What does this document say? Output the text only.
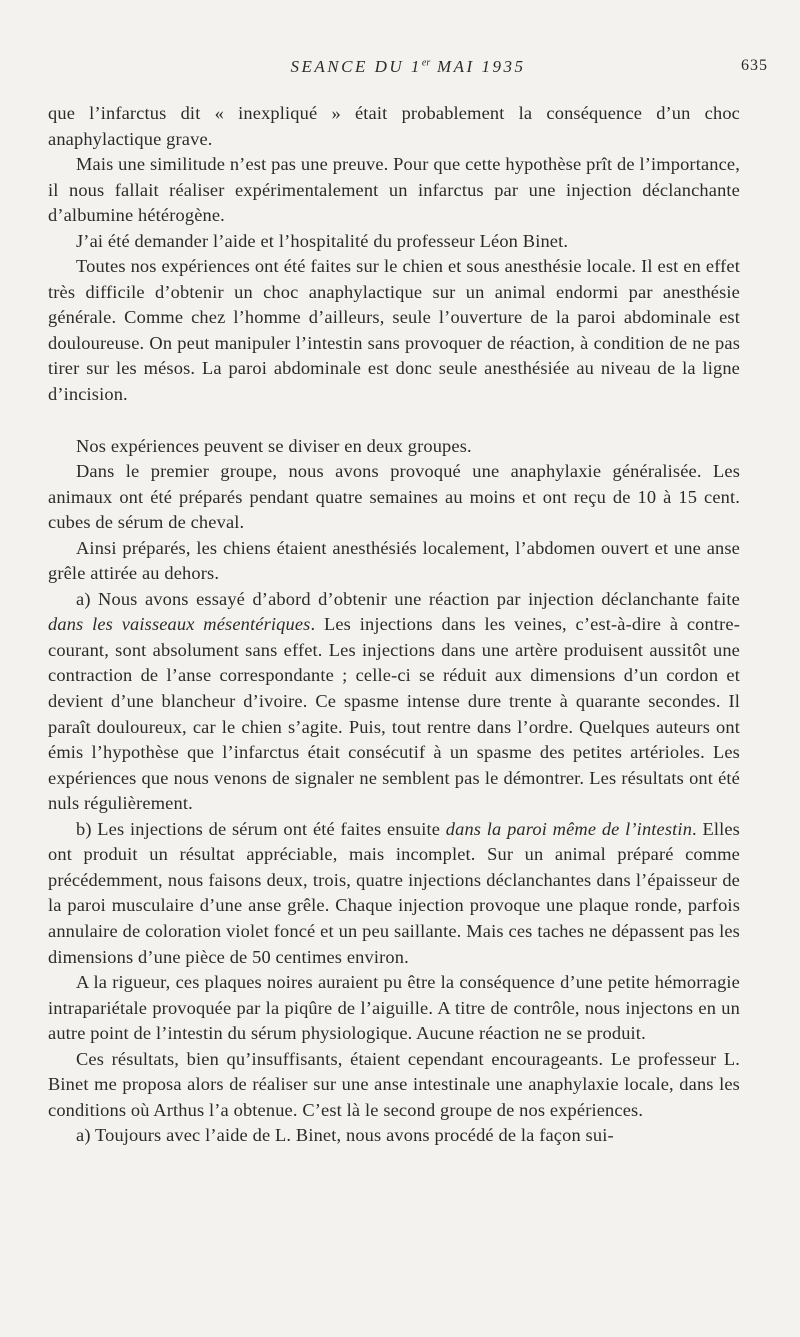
SEANCE DU 1er MAI 1935	635

que l’infarctus dit « inexpliqué » était probablement la conséquence d’un choc anaphylactique grave.

Mais une similitude n’est pas une preuve. Pour que cette hypothèse prît de l’importance, il nous fallait réaliser expérimentalement un infarctus par une injection déclanchante d’albumine hétérogène.

J’ai été demander l’aide et l’hospitalité du professeur Léon Binet.

Toutes nos expériences ont été faites sur le chien et sous anesthésie locale. Il est en effet très difficile d’obtenir un choc anaphylactique sur un animal endormi par anesthésie générale. Comme chez l’homme d’ailleurs, seule l’ouverture de la paroi abdominale est douloureuse. On peut manipuler l’intestin sans provoquer de réaction, à condition de ne pas tirer sur les mésos. La paroi abdominale est donc seule anesthésiée au niveau de la ligne d’incision.

Nos expériences peuvent se diviser en deux groupes.

Dans le premier groupe, nous avons provoqué une anaphylaxie généralisée. Les animaux ont été préparés pendant quatre semaines au moins et ont reçu de 10 à 15 cent. cubes de sérum de cheval.

Ainsi préparés, les chiens étaient anesthésiés localement, l’abdomen ouvert et une anse grêle attirée au dehors.

a) Nous avons essayé d’abord d’obtenir une réaction par injection déclanchante faite dans les vaisseaux mésentériques. Les injections dans les veines, c’est-à-dire à contre-courant, sont absolument sans effet. Les injections dans une artère produisent aussitôt une contraction de l’anse correspondante ; celle-ci se réduit aux dimensions d’un cordon et devient d’une blancheur d’ivoire. Ce spasme intense dure trente à quarante secondes. Il paraît douloureux, car le chien s’agite. Puis, tout rentre dans l’ordre. Quelques auteurs ont émis l’hypothèse que l’infarctus était consécutif à un spasme des petites artérioles. Les expériences que nous venons de signaler ne semblent pas le démontrer. Les résultats ont été nuls régulièrement.

b) Les injections de sérum ont été faites ensuite dans la paroi même de l’intestin. Elles ont produit un résultat appréciable, mais incomplet. Sur un animal préparé comme précédemment, nous faisons deux, trois, quatre injections déclanchantes dans l’épaisseur de la paroi musculaire d’une anse grêle. Chaque injection provoque une plaque ronde, parfois annulaire de coloration violet foncé et un peu saillante. Mais ces taches ne dépassent pas les dimensions d’une pièce de 50 centimes environ.

A la rigueur, ces plaques noires auraient pu être la conséquence d’une petite hémorragie intrapariétale provoquée par la piqûre de l’aiguille. A titre de contrôle, nous injectons en un autre point de l’intestin du sérum physiologique. Aucune réaction ne se produit.

Ces résultats, bien qu’insuffisants, étaient cependant encourageants. Le professeur L. Binet me proposa alors de réaliser sur une anse intestinale une anaphylaxie locale, dans les conditions où Arthus l’a obtenue. C’est là le second groupe de nos expériences.

a) Toujours avec l’aide de L. Binet, nous avons procédé de la façon sui-
